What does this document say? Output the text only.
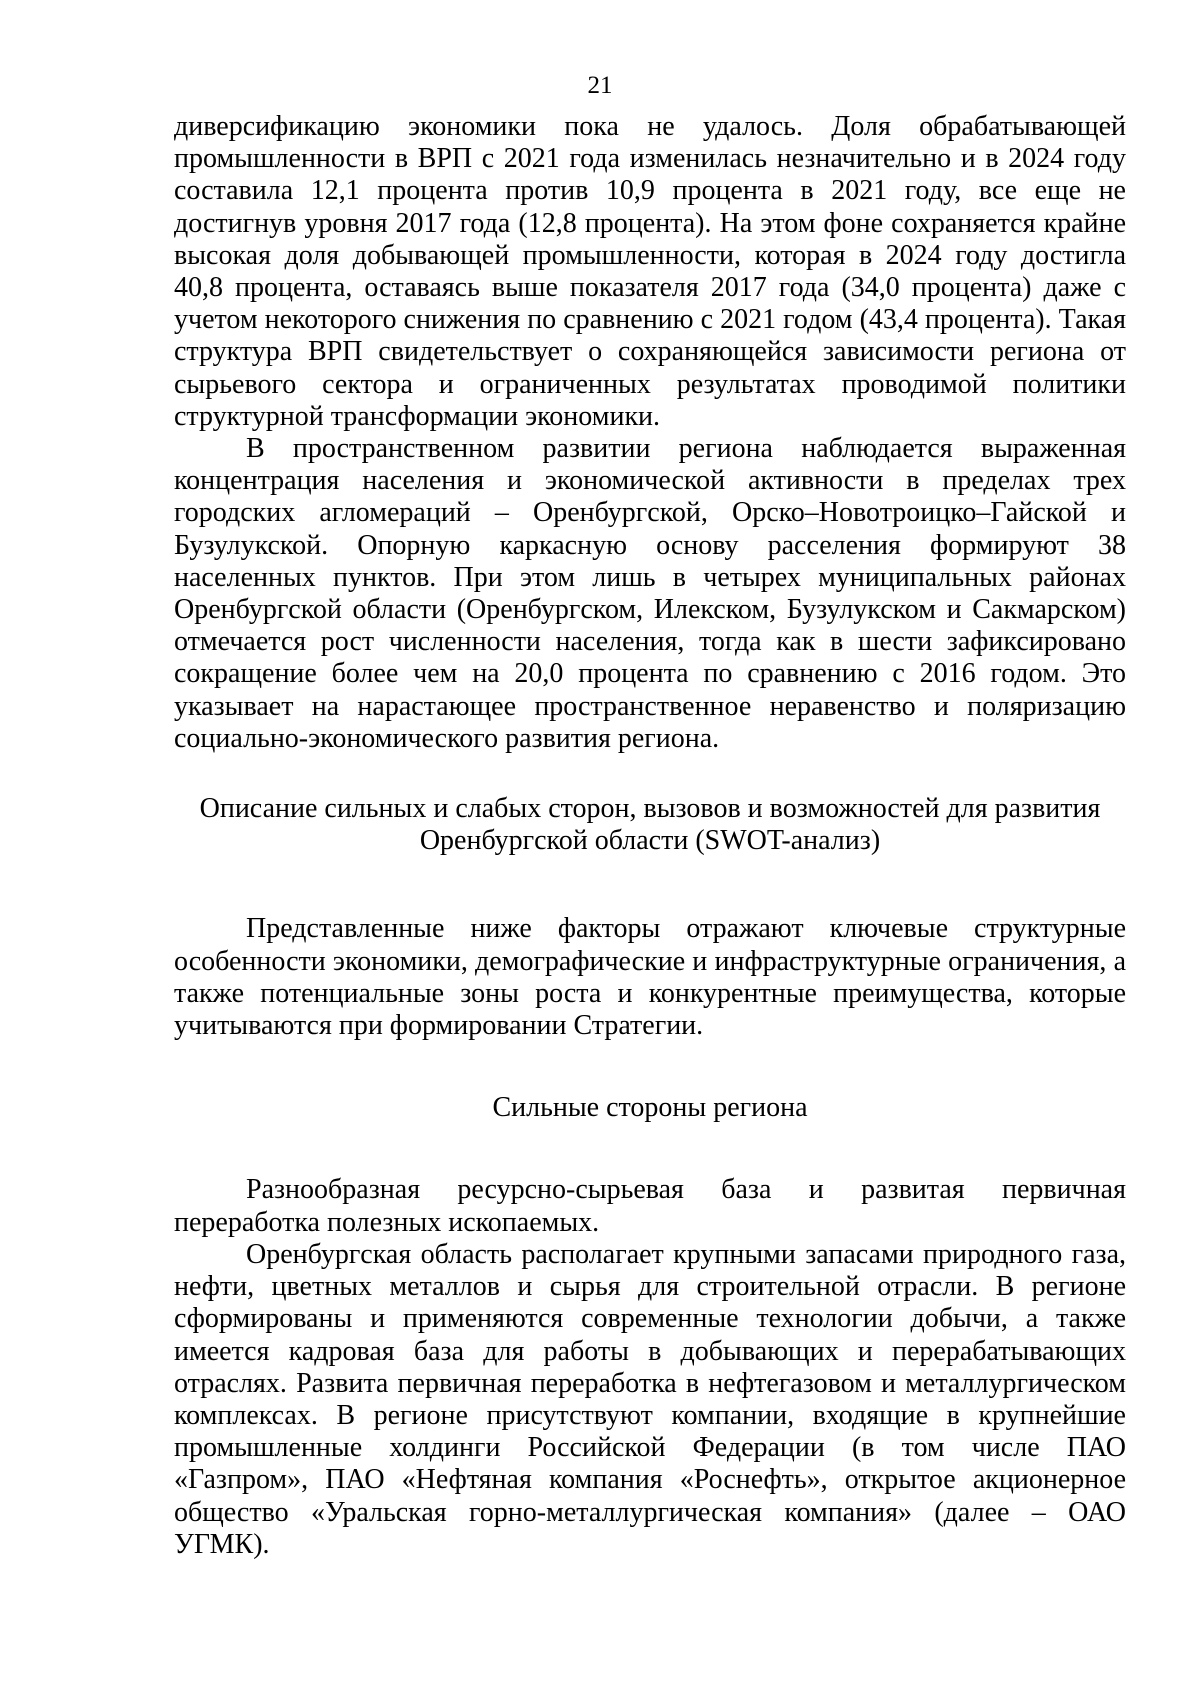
21

диверсификацию экономики пока не удалось. Доля обрабатывающей промышленности в ВРП с 2021 года изменилась незначительно и в 2024 году составила 12,1 процента против 10,9 процента в 2021 году, все еще не достигнув уровня 2017 года (12,8 процента). На этом фоне сохраняется крайне высокая доля добывающей промышленности, которая в 2024 году достигла 40,8 процента, оставаясь выше показателя 2017 года (34,0 процента) даже с учетом некоторого снижения по сравнению с 2021 годом (43,4 процента). Такая структура ВРП свидетельствует о сохраняющейся зависимости региона от сырьевого сектора и ограниченных результатах проводимой политики структурной трансформации экономики.

В пространственном развитии региона наблюдается выраженная концентрация населения и экономической активности в пределах трех городских агломераций – Оренбургской, Орско–Новотроицко–Гайской и Бузулукской. Опорную каркасную основу расселения формируют 38 населенных пунктов. При этом лишь в четырех муниципальных районах Оренбургской области (Оренбургском, Илекском, Бузулукском и Сакмарском) отмечается рост численности населения, тогда как в шести зафиксировано сокращение более чем на 20,0 процента по сравнению с 2016 годом. Это указывает на нарастающее пространственное неравенство и поляризацию социально-экономического развития региона.

Описание сильных и слабых сторон, вызовов и возможностей для развития

Оренбургской области (SWOT-анализ)

Представленные ниже факторы отражают ключевые структурные особенности экономики, демографические и инфраструктурные ограничения, а также потенциальные зоны роста и конкурентные преимущества, которые учитываются при формировании Стратегии.

Сильные стороны региона

Разнообразная ресурсно-сырьевая база и развитая первичная переработка полезных ископаемых.

Оренбургская область располагает крупными запасами природного газа, нефти, цветных металлов и сырья для строительной отрасли. В регионе сформированы и применяются современные технологии добычи, а также имеется кадровая база для работы в добывающих и перерабатывающих отраслях. Развита первичная переработка в нефтегазовом и металлургическом комплексах. В регионе присутствуют компании, входящие в крупнейшие промышленные холдинги Российской Федерации (в том числе ПАО «Газпром», ПАО «Нефтяная компания «Роснефть», открытое акционерное общество «Уральская горно-металлургическая компания» (далее – ОАО УГМК).
